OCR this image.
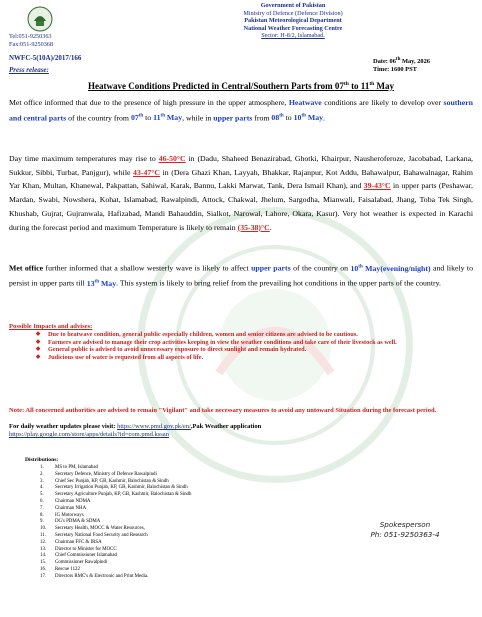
Tel:051-9250363
Fax:051-9250368
Government of Pakistan
Ministry of Defence (Defence Division)
Pakistan Meteorological Department
National Weather Forecasting Centre
Sector: H-8/2, Islamabad.
NWFC-5(10A)/2017/166
Press release:
Date: 06th May, 2026
Time: 1600 PST
Heatwave Conditions Predicted in Central/Southern Parts from 07th to 11th May
Met office informed that due to the presence of high pressure in the upper atmosphere, Heatwave conditions are likely to develop over southern and central parts of the country from 07th to 11th May, while in upper parts from 08th to 10th May.
Day time maximum temperatures may rise to 46-50°C in (Dadu, Shaheed Benazirabad, Ghotki, Khairpur, Nausheroferoze, Jacobabad, Larkana, Sukkur, Sibbi, Turbat, Panjgur), while 43-47°C in (Dera Ghazi Khan, Layyah, Bhakkar, Rajanpur, Kot Addu, Bahawalpur, Bahawalnagar, Rahim Yar Khan, Multan, Khanewal, Pakpattan, Sahiwal, Karak, Bannu, Lakki Marwat, Tank, Dera Ismail Khan), and 39-43°C in upper parts (Peshawar, Mardan, Swabi, Nowshera, Kohat, Islamabad, Rawalpindi, Attock, Chakwal, Jhelum, Sargodha, Mianwali, Faisalabad, Jhang, Toba Tek Singh, Khushab, Gujrat, Gujranwala, Hafizabad, Mandi Bahauddin, Sialkot, Narowal, Lahore, Okara, Kasur). Very hot weather is expected in Karachi during the forecast period and maximum Temperature is likely to remain (35-38)°C.
Met office further informed that a shallow westerly wave is likely to affect upper parts of the country on 10th May(evening/night) and likely to persist in upper parts till 13th May. This system is likely to bring relief from the prevailing hot conditions in the upper parts of the country.
Possible Impacts and advises:
◆ Due to heatwave condition, general public especially children, women and senior citizens are advised to be cautious.
◆ Farmers are advised to manage their crop activities keeping in view the weather conditions and take care of their livestock as well.
◆ General public is advised to avoid unnecessary exposure to direct sunlight and remain hydrated.
◆ Judicious use of water is requested from all aspects of life.
Note: All concerned authorities are advised to remain "Vigilant" and take necessary measures to avoid any untoward Situation during the forecast period.
For daily weather updates please visit: https://www.pmd.gov.pk/en/,Pak Weather application
https://play.google.com/store/apps/details?id=com.pmd.kssan
Distributions:
1. MS to PM, Islamabad
2. Secretary Defence, Ministry of Defence Rawalpindi
3. Chief Sec Punjab, KP, GB, Kashmir, Balochistan & Sindh
4. Secretary Irrigation Punjab, KP, GB, Kashmir, Balochistan & Sindh
5. Secretary Agriculture Punjab, KP, GB, Kashmir, Balochistan & Sindh
6. Chairman NDMA
7. Chairman NHA
8. IG Motorways
9. DG's PDMA & SDMA
10. Secretary Health, MOCC & Water Resources,
11. Secretary National Food Security and Research
12. Chairman FFC & IRSA
13. Director to Minister for MOCC
14. Chief Commissioner Islamabad
15. Commissioner Rawalpindi
16. Rescue 1122
17. Directors RMC's & Electronic and Print Media.
Spokesperson
Ph: 051-9250363-4
